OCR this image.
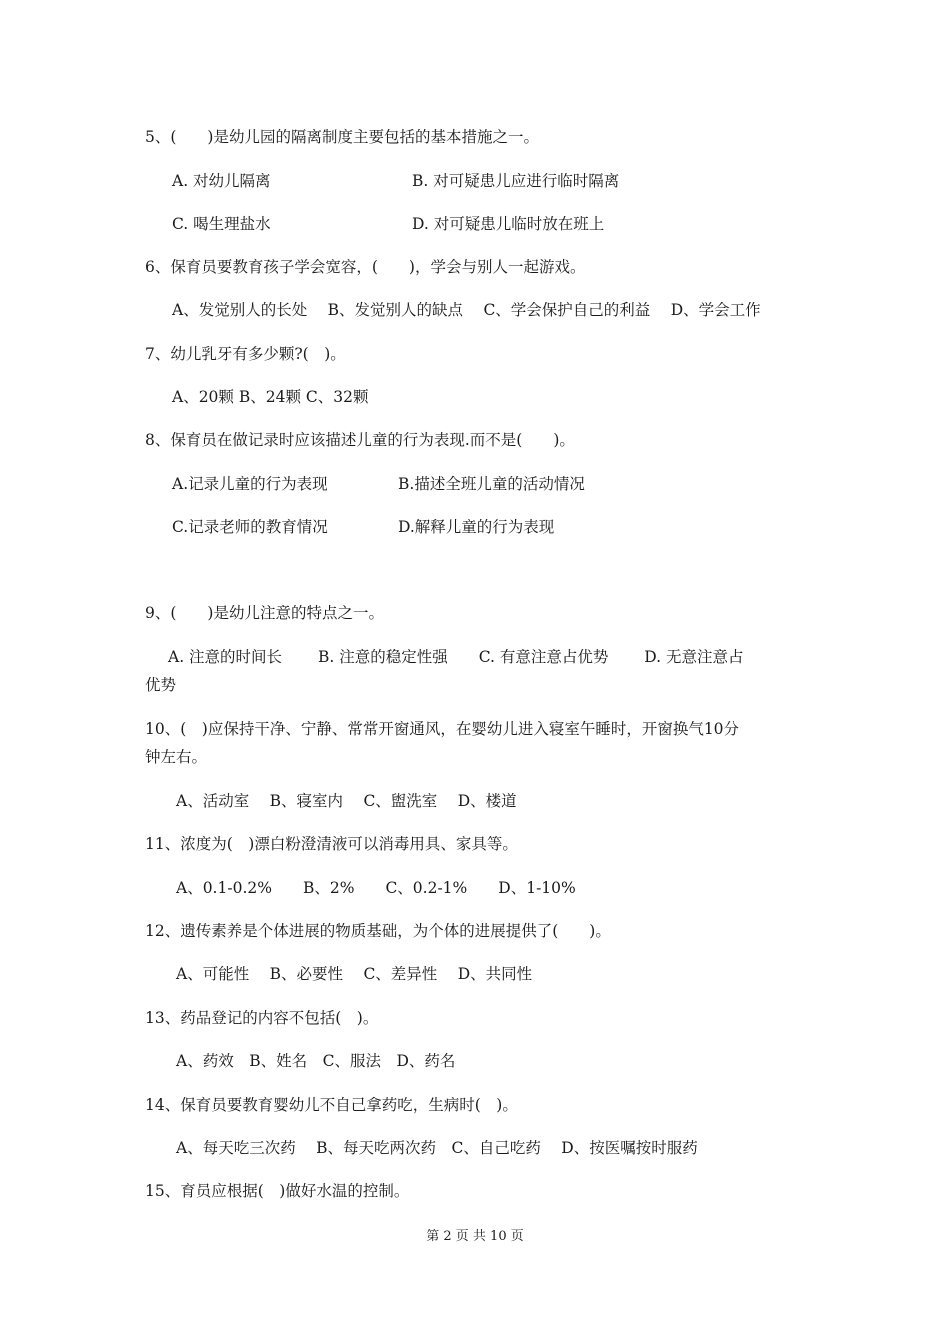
5、(　　)是幼儿园的隔离制度主要包括的基本措施之一。
A. 对幼儿隔离	B. 对可疑患儿应进行临时隔离
C. 喝生理盐水	D. 对可疑患儿临时放在班上
6、保育员要教育孩子学会宽容，(　　)，学会与别人一起游戏。
A、发觉别人的长处　 B、发觉别人的缺点　 C、学会保护自己的利益　 D、学会工作
7、幼儿乳牙有多少颗?(　)。
A、20颗 B、24颗 C、32颗
8、保育员在做记录时应该描述儿童的行为表现.而不是(　　)。
A.记录儿童的行为表现	B.描述全班儿童的活动情况
C.记录老师的教育情况	D.解释儿童的行为表现
9、(　　)是幼儿注意的特点之一。
A. 注意的时间长　　 B. 注意的稳定性强　　C. 有意注意占优势　　 D. 无意注意占
优势
10、(　)应保持干净、宁静、常常开窗通风，在婴幼儿进入寝室午睡时，开窗换气10分
钟左右。
A、活动室　 B、寝室内　 C、盥洗室　 D、楼道
11、浓度为(　)漂白粉澄清液可以消毒用具、家具等。
A、0.1-0.2%　　B、2%　　C、0.2-1%　　D、1-10%
12、遗传素养是个体进展的物质基础，为个体的进展提供了(　　)。
A、可能性　 B、必要性　 C、差异性　 D、共同性
13、药品登记的内容不包括(　)。
A、药效　B、姓名　C、服法　D、药名
14、保育员要教育婴幼儿不自己拿药吃，生病时(　)。
A、每天吃三次药　 B、每天吃两次药　C、自己吃药　 D、按医嘱按时服药
15、育员应根据(　)做好水温的控制。
第 2 页 共 10 页
